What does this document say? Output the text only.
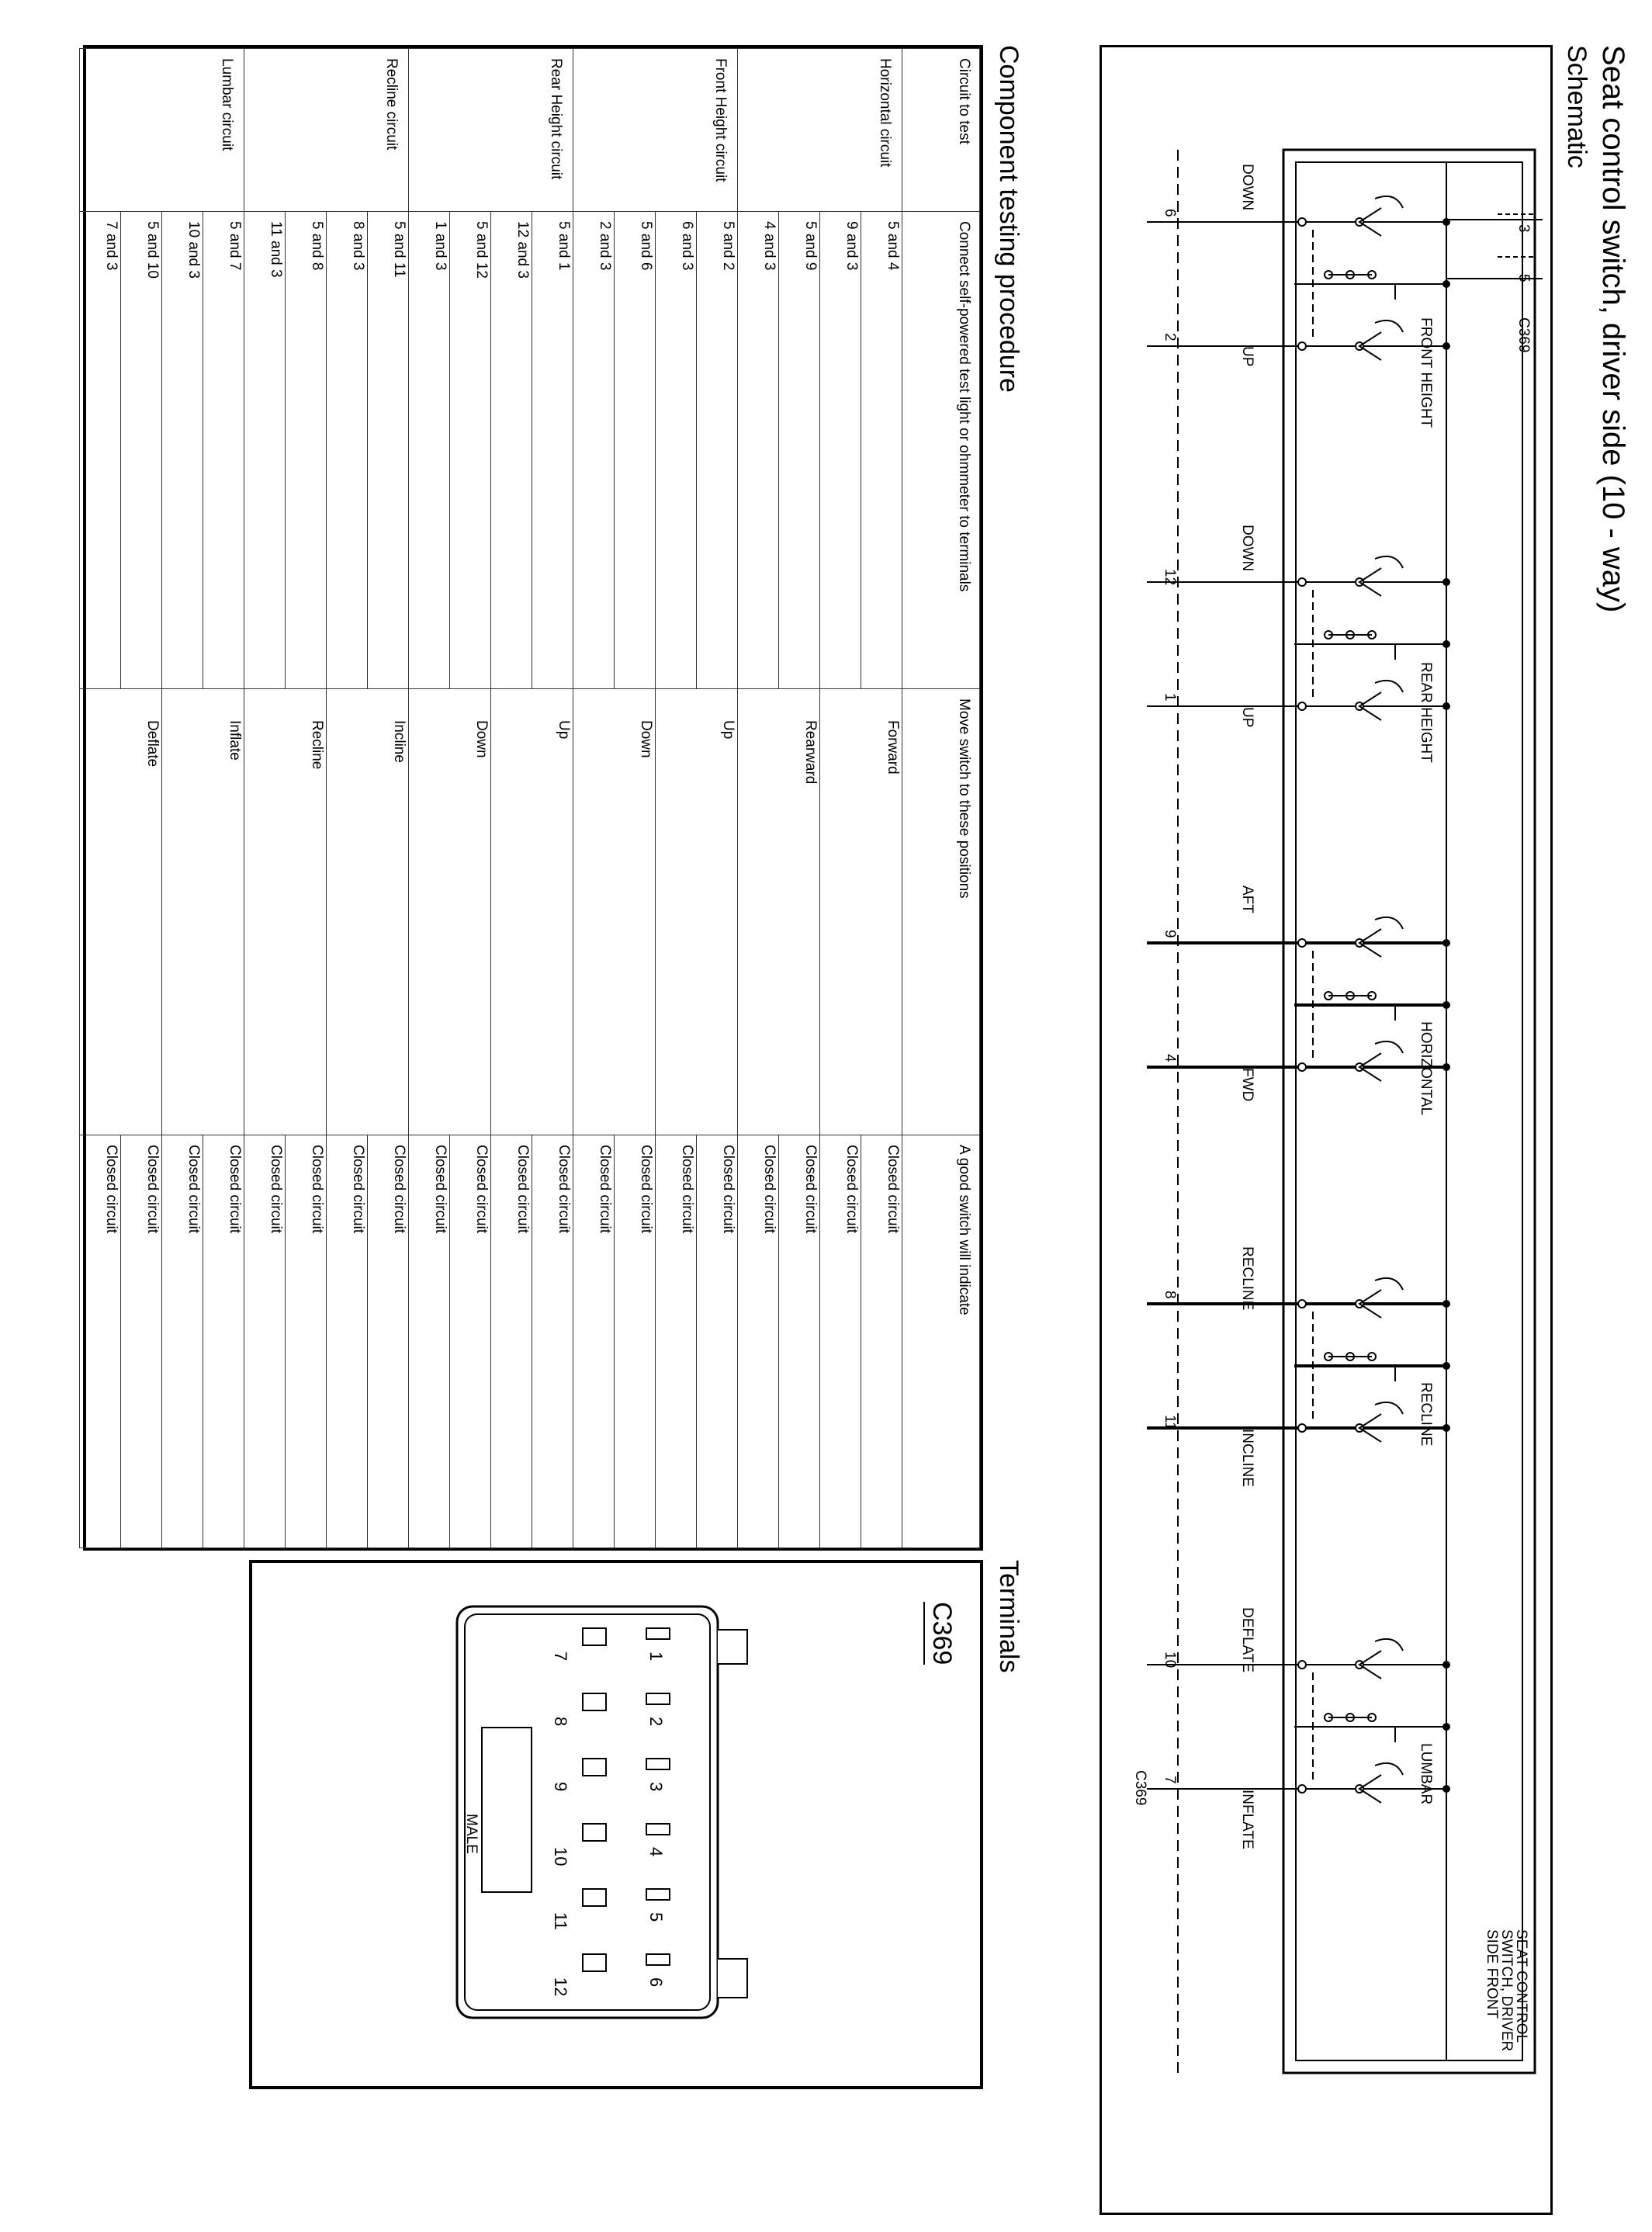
Seat control switch, driver side (10 - way)
Schematic
3
5
C369
FRONT HEIGHT
DOWN
UP
6
2
REAR HEIGHT
DOWN
UP
12
1
HORIZONTAL
AFT
FWD
9
4
RECLINE
RECLINE
INCLINE
8
11
LUMBAR
DEFLATE
INFLATE
10
7
C369
SEAT CONTROL
SWITCH, DRIVER
SIDE FRONT
Component testing procedure
Circuit to test	Connect self-powered test light or ohmmeter to terminals	Move switch to these positions	A good switch will indicate
Horizontal circuit	5 and 4	Forward	Closed circuit
	9 and 3		Closed circuit
	5 and 9	Rearward	Closed circuit
	4 and 3		Closed circuit
Front Height circuit	5 and 2	Up	Closed circuit
	6 and 3		Closed circuit
	5 and 6	Down	Closed circuit
	2 and 3		Closed circuit
Rear Height circuit	5 and 1	Up	Closed circuit
	12 and 3		Closed circuit
	5 and 12	Down	Closed circuit
	1 and 3		Closed circuit
Recline circuit	5 and 11	Incline	Closed circuit
	8 and 3		Closed circuit
	5 and 8	Recline	Closed circuit
	11 and 3		Closed circuit
Lumbar circuit	5 and 7	Inflate	Closed circuit
	10 and 3		Closed circuit
	5 and 10	Deflate	Closed circuit
	7 and 3		Closed circuit
Terminals
1
7
2
8
3
9
4
10
5
11
6
12
C369
MALE
